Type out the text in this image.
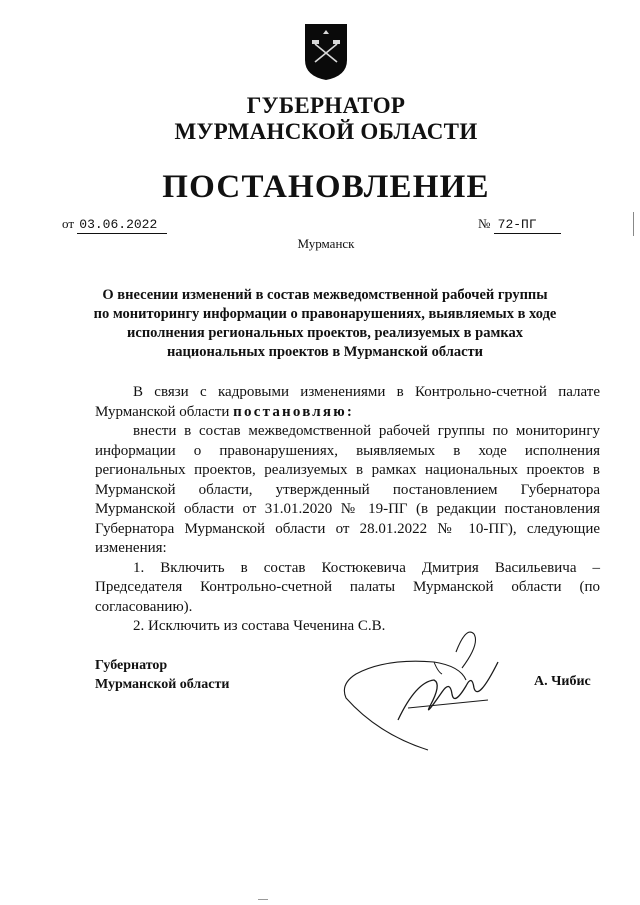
ГУБЕРНАТОР
МУРМАНСКОЙ ОБЛАСТИ
ПОСТАНОВЛЕНИЕ
от 03.06.2022	№ 72-ПГ
Мурманск
О внесении изменений в состав межведомственной рабочей группы
по мониторингу информации о правонарушениях, выявляемых в ходе
исполнения региональных проектов, реализуемых в рамках
национальных проектов в Мурманской области

В связи с кадровыми изменениями в Контрольно-счетной палате Мурманской области постановляю:

внести в состав межведомственной рабочей группы по мониторингу информации о правонарушениях, выявляемых в ходе исполнения региональных проектов, реализуемых в рамках национальных проектов в Мурманской области, утвержденный постановлением Губернатора Мурманской области от 31.01.2020 № 19-ПГ (в редакции постановления Губернатора Мурманской области от 28.01.2022 № 10-ПГ), следующие изменения:

1. Включить в состав Костюкевича Дмитрия Васильевича – Председателя Контрольно-счетной палаты Мурманской области (по согласованию).

2. Исключить из состава Чеченина С.В.

Губернатор
Мурманской области	А. Чибис
